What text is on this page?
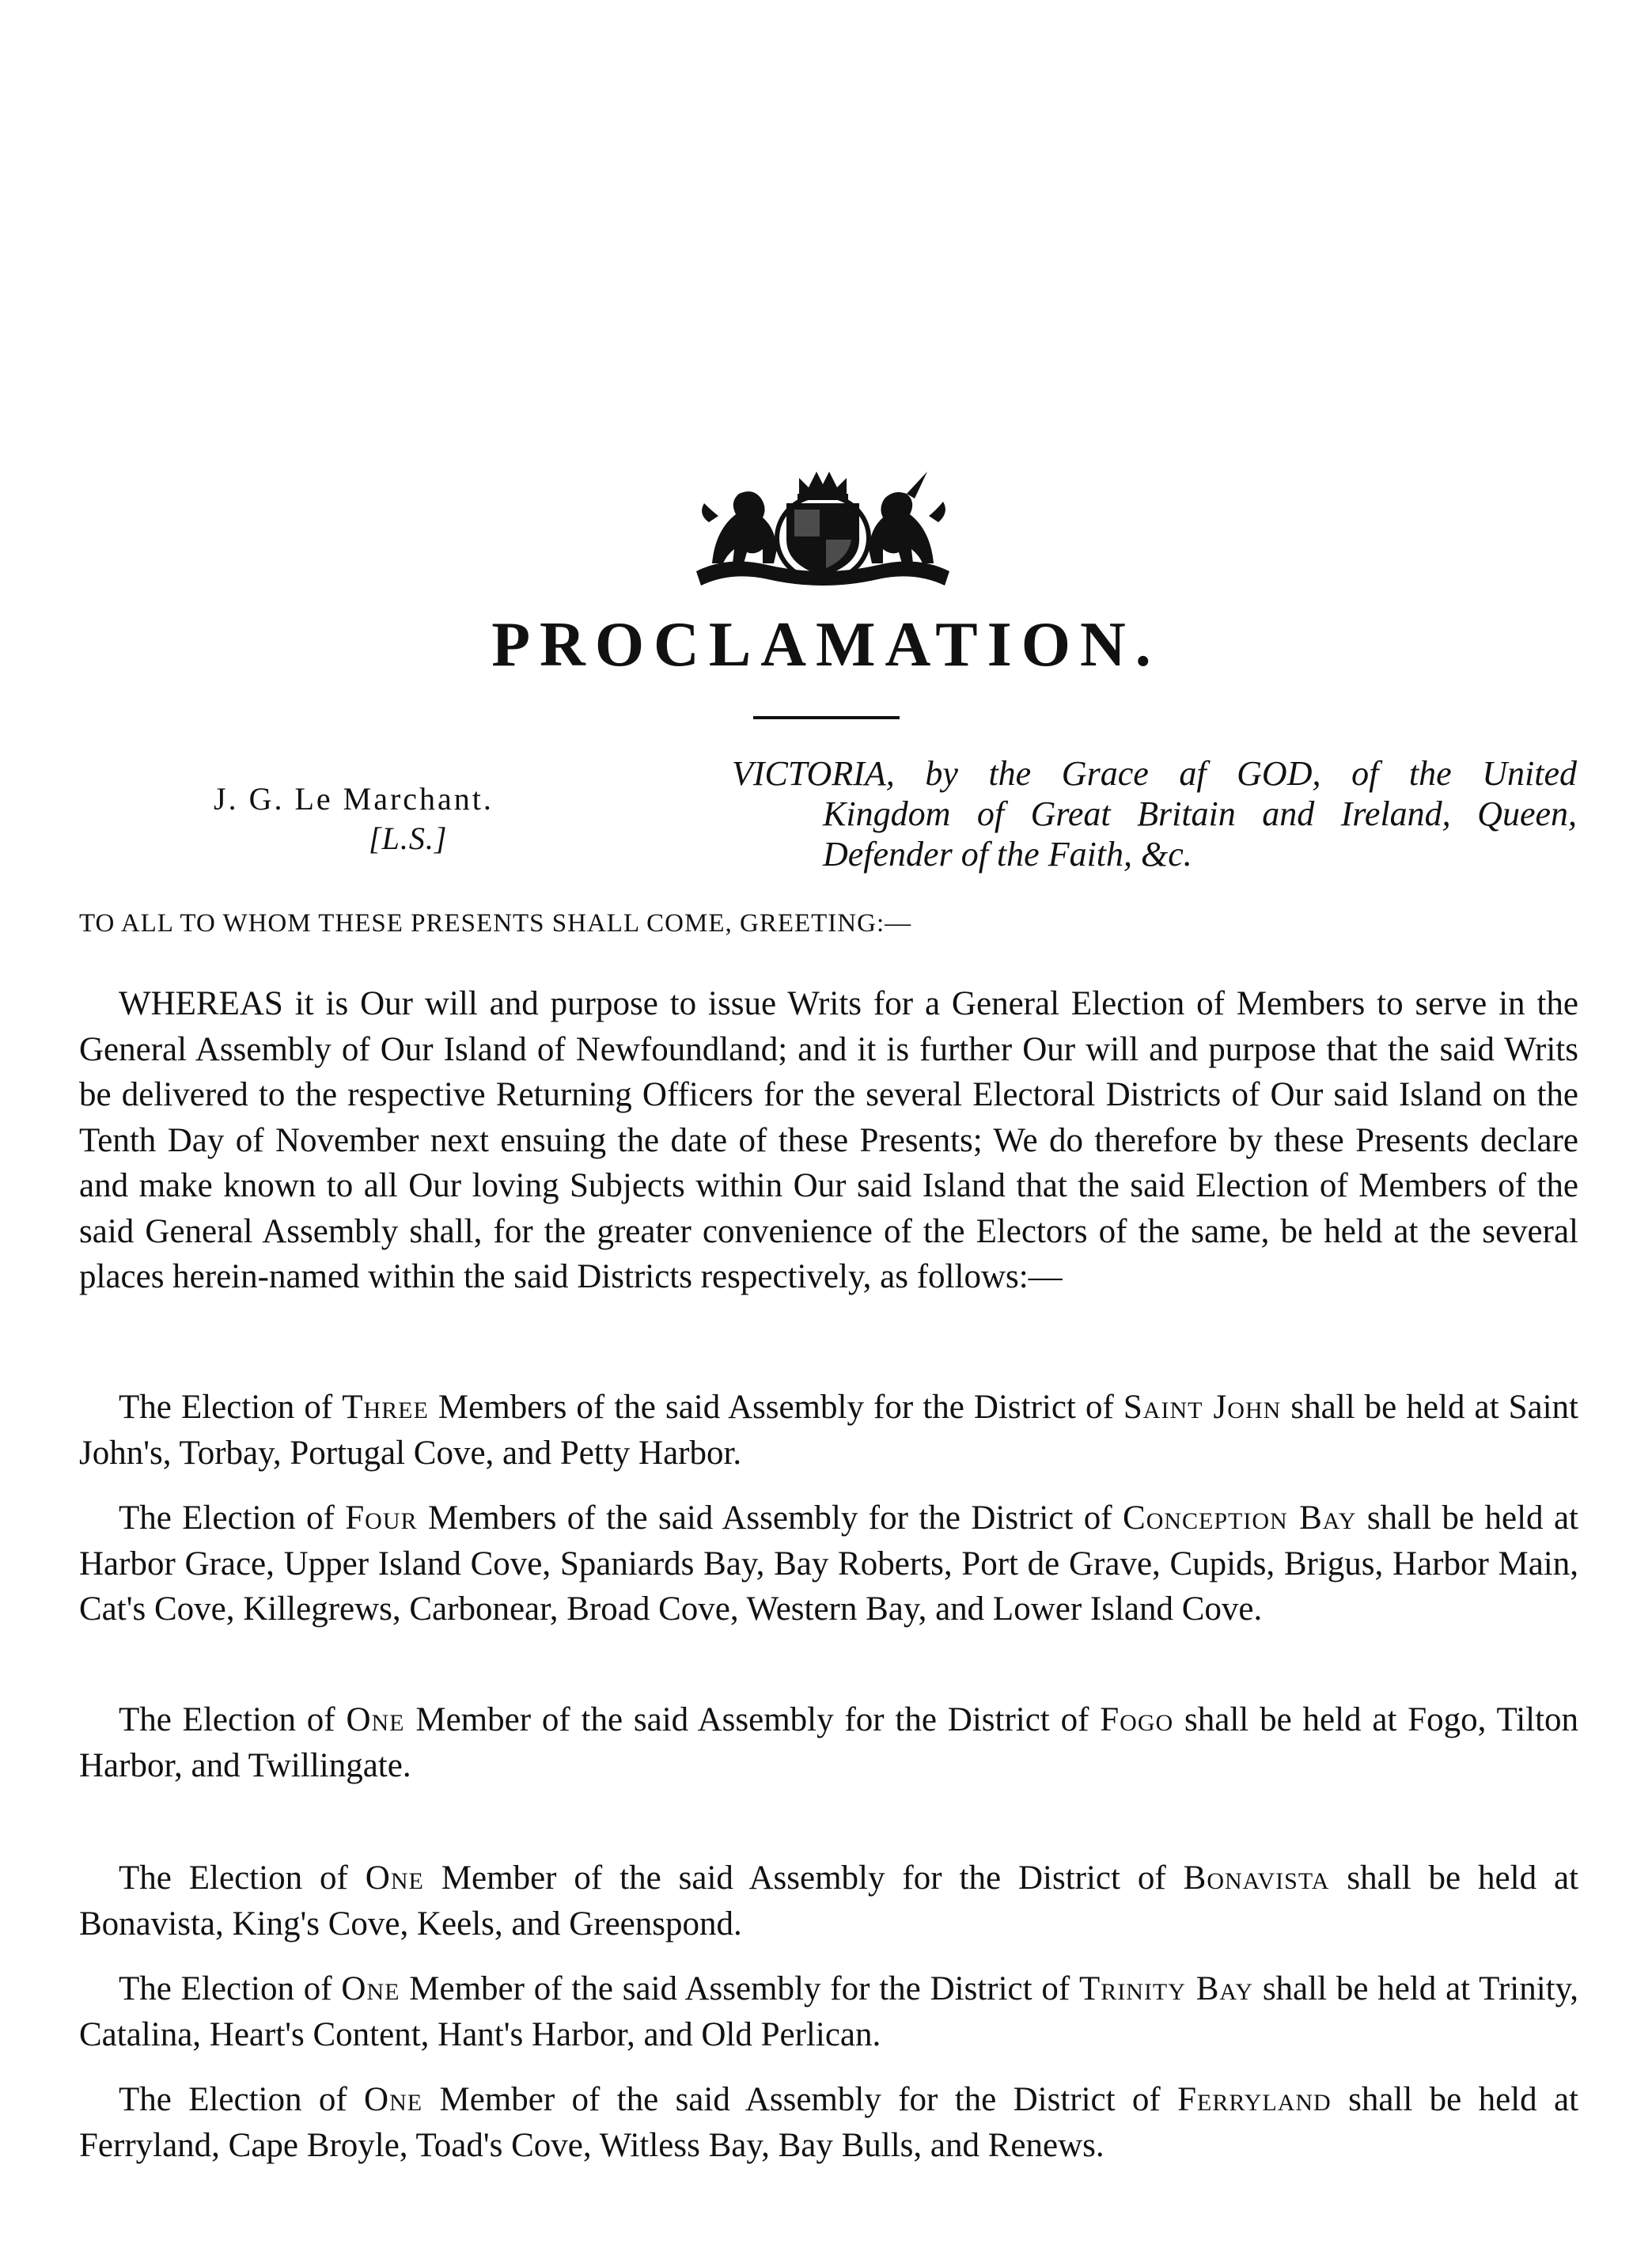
PROCLAMATION.
J. G. Le Marchant.
[L.S.]
VICTORIA, by the Grace af GOD, of the United
Kingdom of Great Britain and Ireland, Queen,
Defender of the Faith, &c.
TO ALL TO WHOM THESE PRESENTS SHALL COME, GREETING:—

WHEREAS it is Our will and purpose to issue Writs for a General Election of Members to serve in the General Assembly of Our Island of Newfoundland; and it is further Our will and purpose that the said Writs be delivered to the respective Returning Officers for the several Electoral Districts of Our said Island on the Tenth Day of November next ensuing the date of these Presents; We do therefore by these Presents declare and make known to all Our loving Subjects within Our said Island that the said Election of Members of the said General Assembly shall, for the greater convenience of the Electors of the same, be held at the several places herein-named within the said Districts respectively, as follows:—

The Election of Three Members of the said Assembly for the District of Saint John shall be held at Saint John's, Torbay, Portugal Cove, and Petty Harbor.

The Election of Four Members of the said Assembly for the District of Conception Bay shall be held at Harbor Grace, Upper Island Cove, Spaniards Bay, Bay Roberts, Port de Grave, Cupids, Brigus, Harbor Main, Cat's Cove, Killegrews, Carbonear, Broad Cove, Western Bay, and Lower Island Cove.

The Election of One Member of the said Assembly for the District of Fogo shall be held at Fogo, Tilton Harbor, and Twillingate.

The Election of One Member of the said Assembly for the District of Bonavista shall be held at Bonavista, King's Cove, Keels, and Greenspond.

The Election of One Member of the said Assembly for the District of Trinity Bay shall be held at Trinity, Catalina, Heart's Content, Hant's Harbor, and Old Perlican.

The Election of One Member of the said Assembly for the District of Ferryland shall be held at Ferryland, Cape Broyle, Toad's Cove, Witless Bay, Bay Bulls, and Renews.
